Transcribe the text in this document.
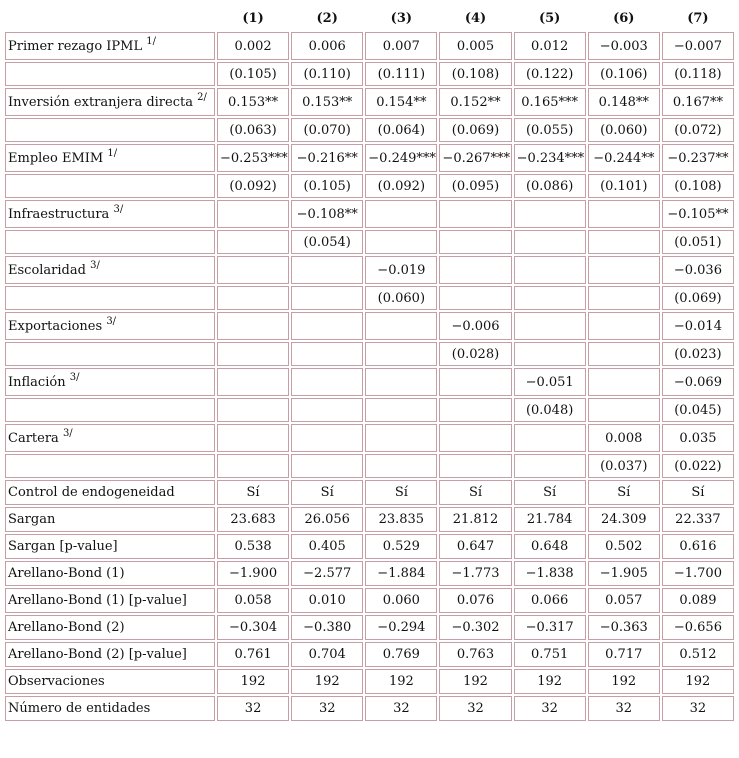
	(1)	(2)	(3)	(4)	(5)	(6)	(7)
Primer rezago IPML $^{1/}$	0.002	0.006	0.007	0.005	0.012	−0.003	−0.007
	(0.105)	(0.110)	(0.111)	(0.108)	(0.122)	(0.106)	(0.118)
Inversión extranjera directa $^{2/}$	0.153**	0.153**	0.154**	0.152**	0.165***	0.148**	0.167**
	(0.063)	(0.070)	(0.064)	(0.069)	(0.055)	(0.060)	(0.072)
Empleo EMIM $^{1/}$	−0.253***	−0.216**	−0.249***	−0.267***	−0.234***	−0.244**	−0.237**
	(0.092)	(0.105)	(0.092)	(0.095)	(0.086)	(0.101)	(0.108)
Infraestructura $^{3/}$		−0.108**					−0.105**
		(0.054)					(0.051)
Escolaridad $^{3/}$			−0.019				−0.036
			(0.060)				(0.069)
Exportaciones $^{3/}$				−0.006			−0.014
				(0.028)			(0.023)
Inflación $^{3/}$					−0.051		−0.069
					(0.048)		(0.045)
Cartera $^{3/}$						0.008	0.035
						(0.037)	(0.022)
Control de endogeneidad	Sí	Sí	Sí	Sí	Sí	Sí	Sí
Sargan	23.683	26.056	23.835	21.812	21.784	24.309	22.337
Sargan [p-value]	0.538	0.405	0.529	0.647	0.648	0.502	0.616
Arellano-Bond (1)	−1.900	−2.577	−1.884	−1.773	−1.838	−1.905	−1.700
Arellano-Bond (1) [p-value]	0.058	0.010	0.060	0.076	0.066	0.057	0.089
Arellano-Bond (2)	−0.304	−0.380	−0.294	−0.302	−0.317	−0.363	−0.656
Arellano-Bond (2) [p-value]	0.761	0.704	0.769	0.763	0.751	0.717	0.512
Observaciones	192	192	192	192	192	192	192
Número de entidades	32	32	32	32	32	32	32
